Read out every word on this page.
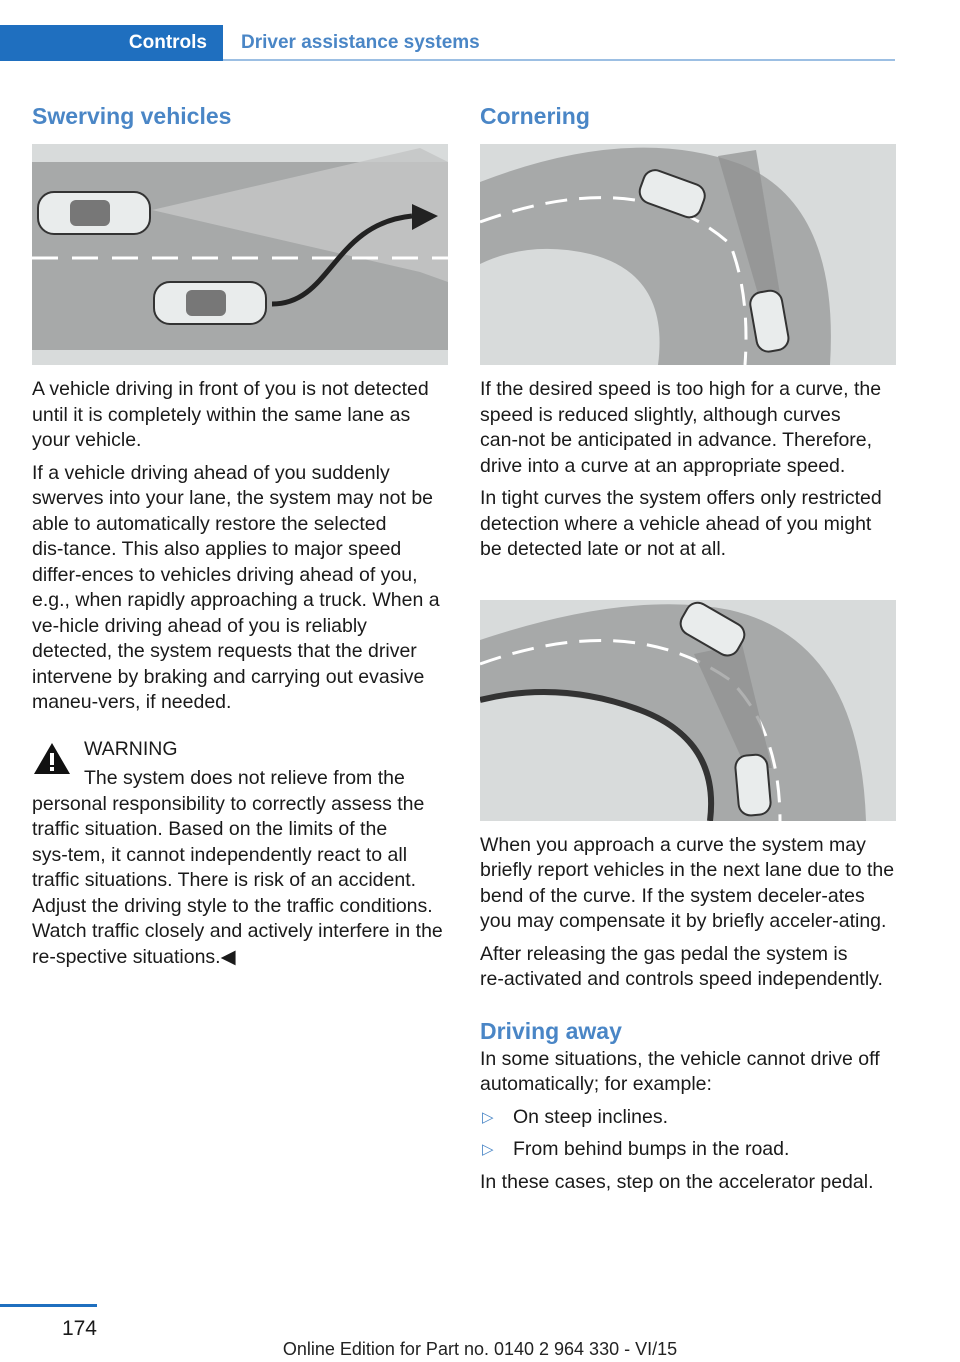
Controls	Driver assistance systems
Swerving vehicles

A vehicle driving in front of you is not detected until it is completely within the same lane as your vehicle.

If a vehicle driving ahead of you suddenly swerves into your lane, the system may not be able to automatically restore the selected dis‑tance. This also applies to major speed differ‑ences to vehicles driving ahead of you, e.g., when rapidly approaching a truck. When a ve‑hicle driving ahead of you is reliably detected, the system requests that the driver intervene by braking and carrying out evasive maneu‑vers, if needed.

WARNING

The system does not relieve from the personal responsibility to correctly assess the traffic situation. Based on the limits of the sys‑tem, it cannot independently react to all traffic situations. There is risk of an accident. Adjust the driving style to the traffic conditions. Watch traffic closely and actively interfere in the re‑spective situations.◀

Cornering

If the desired speed is too high for a curve, the speed is reduced slightly, although curves can‑not be anticipated in advance. Therefore, drive into a curve at an appropriate speed.

In tight curves the system offers only restricted detection where a vehicle ahead of you might be detected late or not at all.

When you approach a curve the system may briefly report vehicles in the next lane due to the bend of the curve. If the system deceler‑ates you may compensate it by briefly acceler‑ating.

After releasing the gas pedal the system is re‑activated and controls speed independently.

Driving away

In some situations, the vehicle cannot drive off automatically; for example:

▷ On steep inclines.
▷ From behind bumps in the road.

In these cases, step on the accelerator pedal.

174
Online Edition for Part no. 0140 2 964 330 - VI/15
